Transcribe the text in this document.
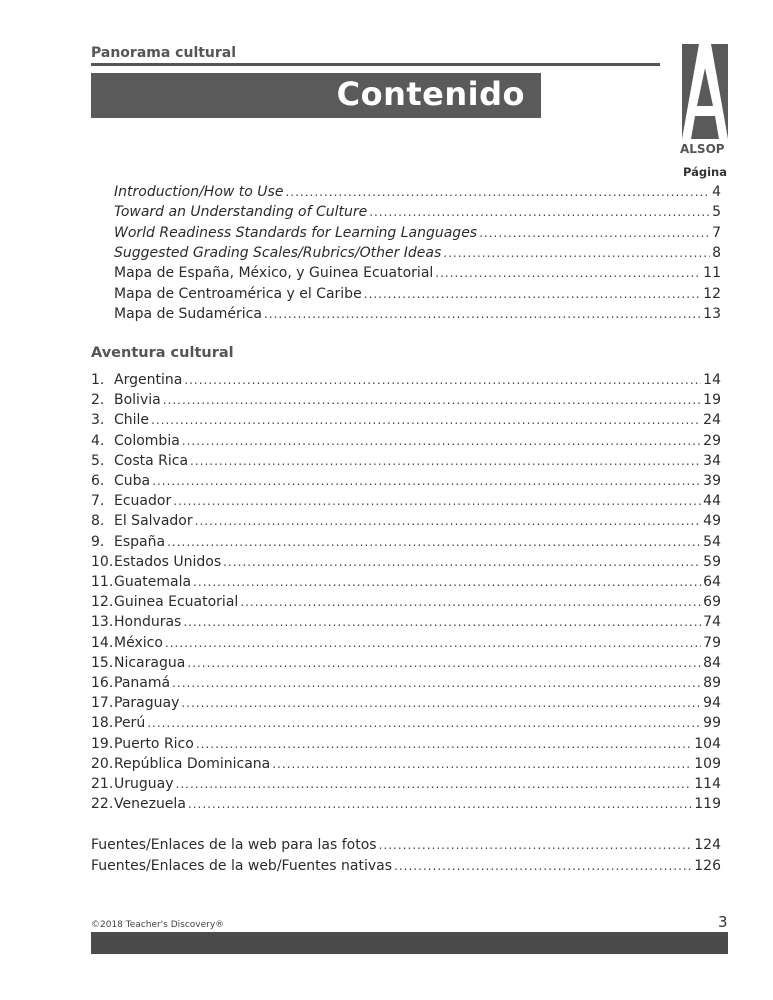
Panorama cultural
Contenido
ALSOP
Página
Introduction/How to Use .....	4
Toward an Understanding of Culture .....	5
World Readiness Standards for Learning Languages .....	7
Suggested Grading Scales/Rubrics/Other Ideas .....	8
Mapa de España, México, y Guinea Ecuatorial .....	11
Mapa de Centroamérica y el Caribe .....	12
Mapa de Sudamérica .....	13
Aventura cultural
1. Argentina .....	14
2. Bolivia .....	19
3. Chile .....	24
4. Colombia .....	29
5. Costa Rica .....	34
6. Cuba .....	39
7. Ecuador .....	44
8. El Salvador .....	49
9. España .....	54
10.Estados Unidos .....	59
11.Guatemala .....	64
12.Guinea Ecuatorial .....	69
13.Honduras .....	74
14.México .....	79
15.Nicaragua .....	84
16.Panamá .....	89
17.Paraguay .....	94
18.Perú .....	99
19.Puerto Rico .....	104
20.República Dominicana .....	109
21.Uruguay .....	114
22.Venezuela .....	119
Fuentes/Enlaces de la web para las fotos .....	124
Fuentes/Enlaces de la web/Fuentes nativas .....	126
©2018 Teacher's Discovery®	3
